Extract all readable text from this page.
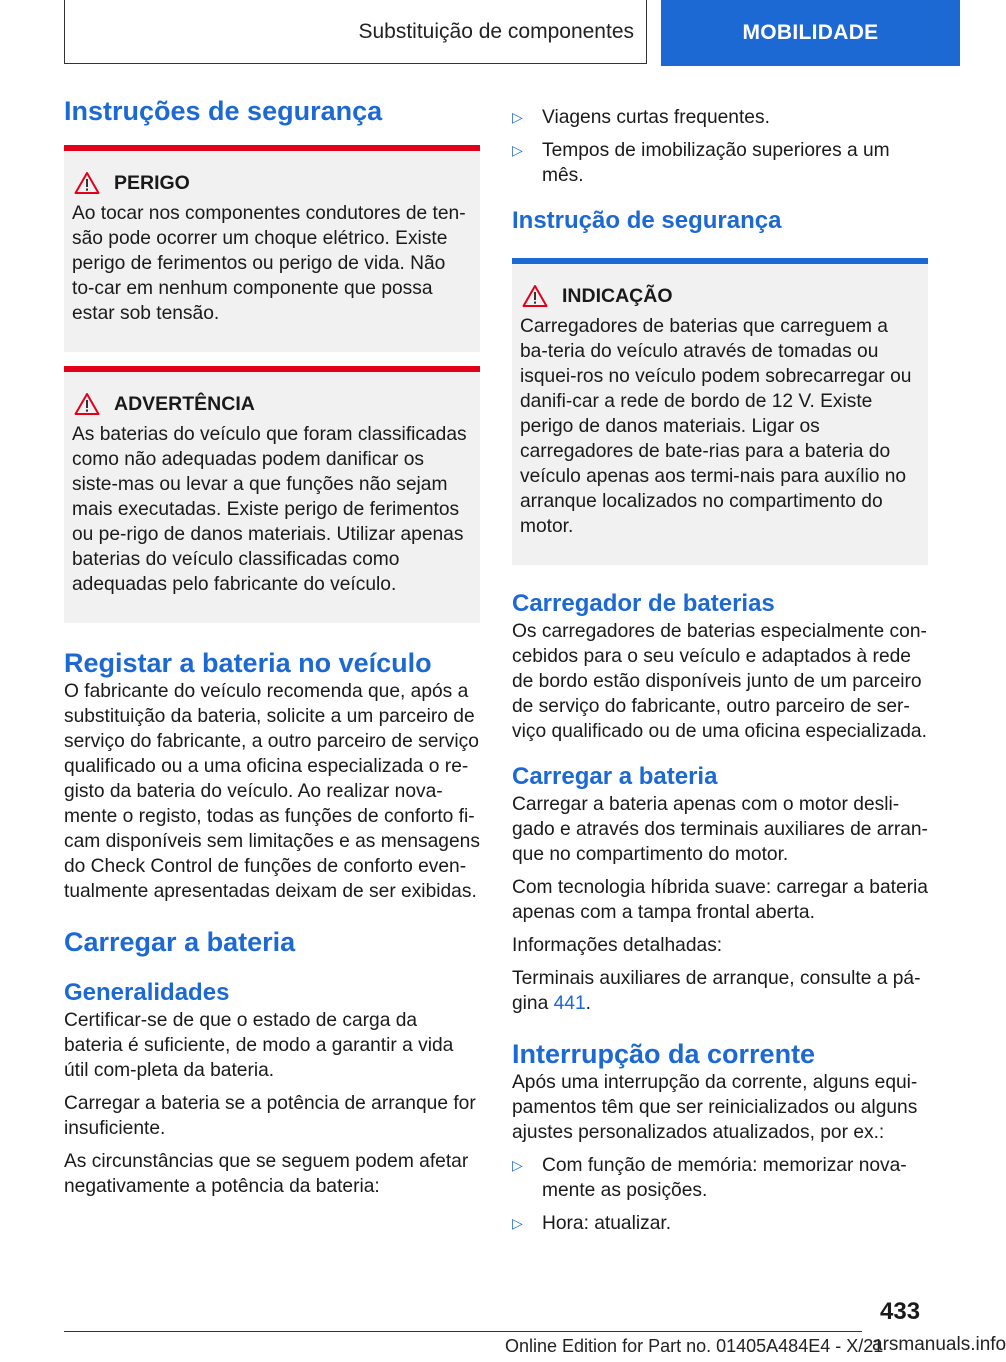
Substituição de componentes	MOBILIDADE
Instruções de segurança
PERIGO

Ao tocar nos componentes condutores de ten-são pode ocorrer um choque elétrico. Existe perigo de ferimentos ou perigo de vida. Não to-car em nenhum componente que possa estar sob tensão.

ADVERTÊNCIA

As baterias do veículo que foram classificadas como não adequadas podem danificar os siste-mas ou levar a que funções não sejam mais executadas. Existe perigo de ferimentos ou pe-rigo de danos materiais. Utilizar apenas baterias do veículo classificadas como adequadas pelo fabricante do veículo.

Registar a bateria no veículo

O fabricante do veículo recomenda que, após a substituição da bateria, solicite a um parceiro de serviço do fabricante, a outro parceiro de serviço qualificado ou a uma oficina especializada o re-gisto da bateria do veículo. Ao realizar nova-mente o registo, todas as funções de conforto fi-cam disponíveis sem limitações e as mensagens do Check Control de funções de conforto even-tualmente apresentadas deixam de ser exibidas.

Carregar a bateria
Generalidades

Certificar-se de que o estado de carga da bateria é suficiente, de modo a garantir a vida útil com-pleta da bateria.

Carregar a bateria se a potência de arranque for insuficiente.

As circunstâncias que se seguem podem afetar negativamente a potência da bateria:

▷ Viagens curtas frequentes.
▷ Tempos de imobilização superiores a um mês.
Instrução de segurança
INDICAÇÃO

Carregadores de baterias que carreguem a ba-teria do veículo através de tomadas ou isquei-ros no veículo podem sobrecarregar ou danifi-car a rede de bordo de 12 V. Existe perigo de danos materiais. Ligar os carregadores de bate-rias para a bateria do veículo apenas aos termi-nais para auxílio no arranque localizados no compartimento do motor.

Carregador de baterias

Os carregadores de baterias especialmente con-cebidos para o seu veículo e adaptados à rede de bordo estão disponíveis junto de um parceiro de serviço do fabricante, outro parceiro de ser-viço qualificado ou de uma oficina especializada.

Carregar a bateria

Carregar a bateria apenas com o motor desli-gado e através dos terminais auxiliares de arran-que no compartimento do motor.

Com tecnologia híbrida suave: carregar a bateria apenas com a tampa frontal aberta.

Informações detalhadas:

Terminais auxiliares de arranque, consulte a pá-gina 441.

Interrupção da corrente

Após uma interrupção da corrente, alguns equi-pamentos têm que ser reinicializados ou alguns ajustes personalizados atualizados, por ex.:

▷ Com função de memória: memorizar nova-mente as posições.
▷ Hora: atualizar.
433
Online Edition for Part no. 01405A484E4 - X/21
arsmanuals.info
